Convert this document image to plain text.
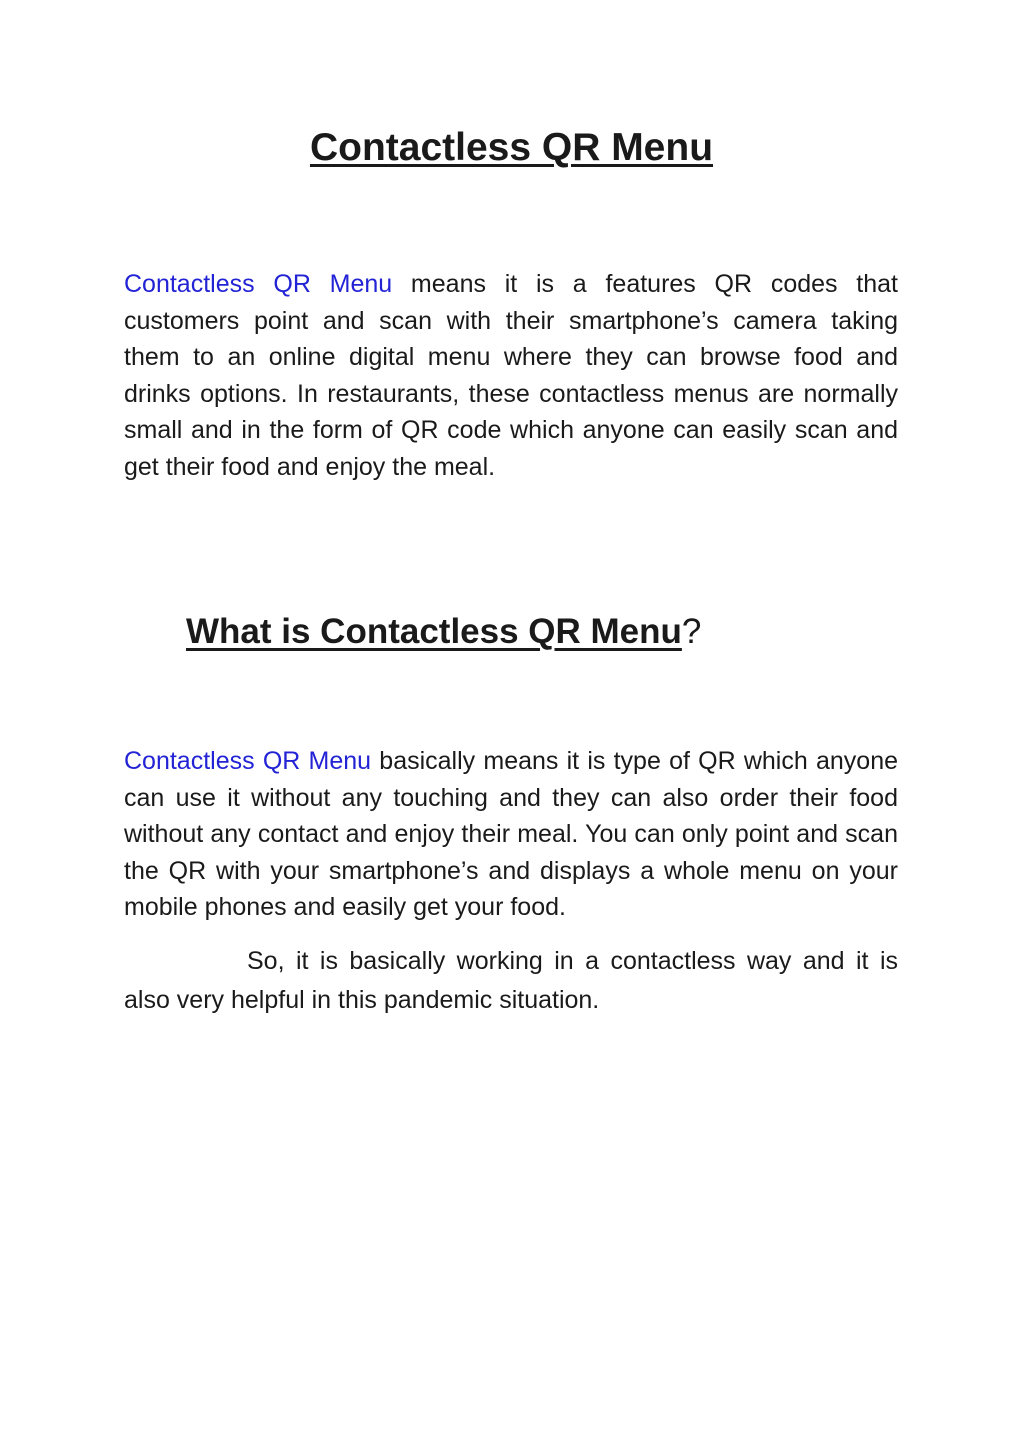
Contactless QR Menu

Contactless QR Menu means it is a features QR codes that customers point and scan with their smartphone’s camera taking them to an online digital menu where they can browse food and drinks options. In restaurants, these contactless menus are normally small and in the form of QR code which anyone can easily scan and get their food and enjoy the meal.

What is Contactless QR Menu?

Contactless QR Menu basically means it is type of QR which anyone can use it without any touching and they can also order their food without any contact and enjoy their meal. You can only point and scan the QR with your smartphone’s and displays a whole menu on your mobile phones and easily get your food.

So, it is basically working in a contactless way and it is also very helpful in this pandemic situation.
